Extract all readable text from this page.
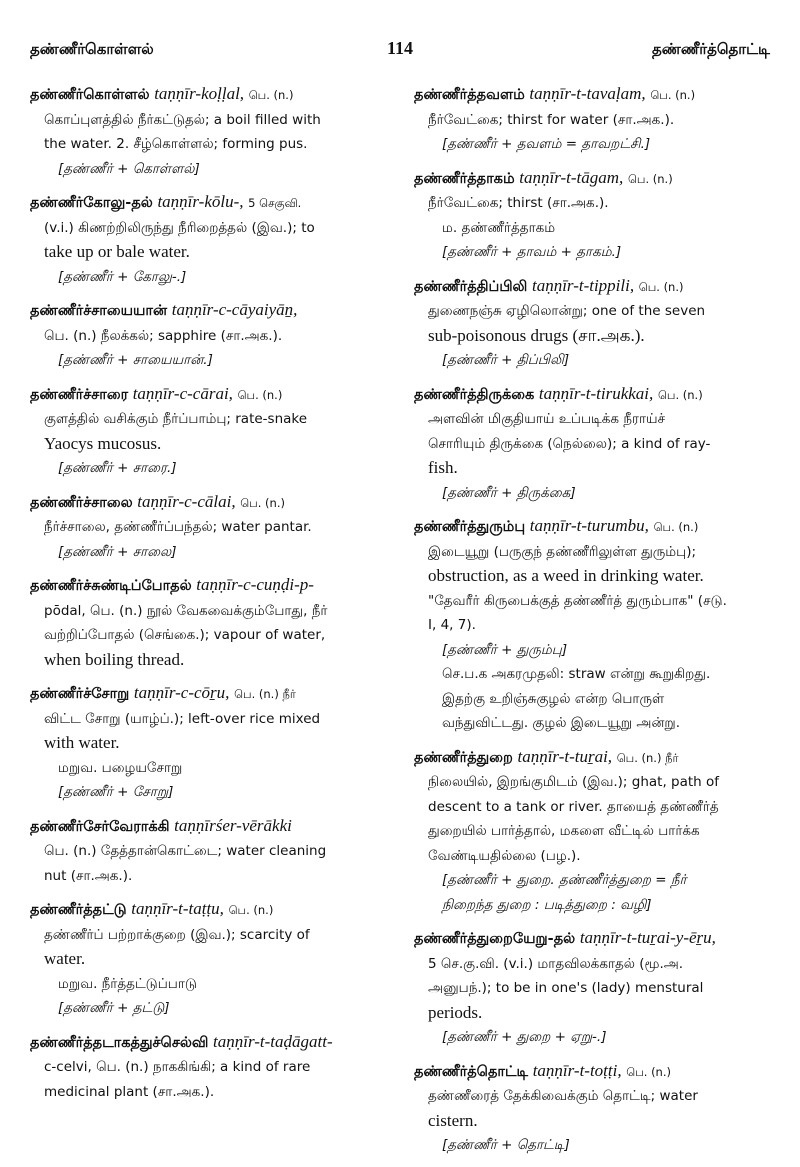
தண்ணீர்கொள்ளல்	114	தண்ணீர்த்தொட்டி
தண்ணீர்கொள்ளல் taṇṇīr-koḷḷal, பெ. (n.)
கொப்புளத்தில் நீர்கட்டுதல்; a boil filled with
the water. 2. சீழ்கொள்ளல்; forming pus.
[தண்ணீர் + கொள்ளல்]
தண்ணீர்கோலு-தல் taṇṇīr-kōlu-, 5 செகுவி.
(v.i.) கிணற்றிலிருந்து நீரிறைத்தல் (இவ.); to
take up or bale water.
[தண்ணீர் + கோலு-.]
தண்ணீர்ச்சாயையான் taṇṇīr-c-cāyaiyāṉ,
பெ. (n.) நீலக்கல்; sapphire (சா.அக.).
[தண்ணீர் + சாயையான்.]
தண்ணீர்ச்சாரை taṇṇīr-c-cārai, பெ. (n.)
குளத்தில் வசிக்கும் நீர்ப்பாம்பு; rate-snake
Yaocys mucosus.
[தண்ணீர் + சாரை.]
தண்ணீர்ச்சாலை taṇṇīr-c-cālai, பெ. (n.)
நீர்ச்சாலை, தண்ணீர்ப்பந்தல்; water pantar.
[தண்ணீர் + சாலை]
தண்ணீர்ச்சுண்டிப்போதல் taṇṇīr-c-cuṇḍi-p-
pōdal, பெ. (n.) நூல் வேகவைக்கும்போது, நீர்
வற்றிப்போதல் (செங்கை.); vapour of water,
when boiling thread.
தண்ணீர்ச்சோறு taṇṇīr-c-cōṟu, பெ. (n.) நீர்
விட்ட சோறு (யாழ்ப்.); left-over rice mixed
with water.
மறுவ. பழையசோறு
[தண்ணீர் + சோறு]
தண்ணீர்சேர்வேராக்கி taṇṇīrśer-vērākki
பெ. (n.) தேத்தான்கொட்டை; water cleaning
nut (சா.அக.).
தண்ணீர்த்தட்டு taṇṇīr-t-taṭṭu, பெ. (n.)
தண்ணீர்ப் பற்றாக்குறை (இவ.); scarcity of
water.
மறுவ. நீர்த்தட்டுப்பாடு
[தண்ணீர் + தட்டு]
தண்ணீர்த்தடாகத்துச்செல்வி taṇṇīr-t-taḍāgatt-
c-celvi, பெ. (n.) நாககிங்கி; a kind of rare
medicinal plant (சா.அக.).
தண்ணீர்த்தவளம் taṇṇīr-t-tavaḷam, பெ. (n.)
நீர்வேட்கை; thirst for water (சா.அக.).
[தண்ணீர் + தவளம் = தாவறட்சி.]
தண்ணீர்த்தாகம் taṇṇīr-t-tāgam, பெ. (n.)
நீர்வேட்கை; thirst (சா.அக.).
ம. தண்ணீர்த்தாகம்
[தண்ணீர் + தாவம் + தாகம்.]
தண்ணீர்த்திப்பிலி taṇṇīr-t-tippili, பெ. (n.)
துணைநஞ்சு ஏழிலொன்று; one of the seven
sub-poisonous drugs (சா.அக.).
[தண்ணீர் + திப்பிலி]
தண்ணீர்த்திருக்கை taṇṇīr-t-tirukkai, பெ. (n.)
அளவின் மிகுதியாய் உப்படிக்க நீராய்ச்
சொரியும் திருக்கை (நெல்லை); a kind of ray-
fish.
[தண்ணீர் + திருக்கை]
தண்ணீர்த்துரும்பு taṇṇīr-t-turumbu, பெ. (n.)
இடையூறு (பருகுந் தண்ணீரிலுள்ள துரும்பு);
obstruction, as a weed in drinking water.
"தேவரீர் கிருபைக்குத் தண்ணீர்த் துரும்பாக" (சடு.
I, 4, 7).
[தண்ணீர் + துரும்பு]
செ.ப.க அகரமுதலி: straw என்று கூறுகிறது.
இதற்கு உறிஞ்சுகுழல் என்ற பொருள்
வந்துவிட்டது. குழல் இடையூறு அன்று.
தண்ணீர்த்துறை taṇṇīr-t-tuṟai, பெ. (n.) நீர்
நிலையில், இறங்குமிடம் (இவ.); ghat, path of
descent to a tank or river. தாயைத் தண்ணீர்த்
துறையில் பார்த்தால், மகளை வீட்டில் பார்க்க
வேண்டியதில்லை (பழ.).
[தண்ணீர் + துறை. தண்ணீர்த்துறை = நீர்
நிறைந்த துறை : படித்துறை : வழி]
தண்ணீர்த்துறையேறு-தல் taṇṇīr-t-tuṟai-y-ēṟu,
5 செ.கு.வி. (v.i.) மாதவிலக்காதல் (மூ.அ.
அனுபந்.); to be in one's (lady) menstural
periods.
[தண்ணீர் + துறை + ஏறு-.]
தண்ணீர்த்தொட்டி taṇṇīr-t-toṭṭi, பெ. (n.)
தண்ணீரைத் தேக்கிவைக்கும் தொட்டி; water
cistern.
[தண்ணீர் + தொட்டி]
